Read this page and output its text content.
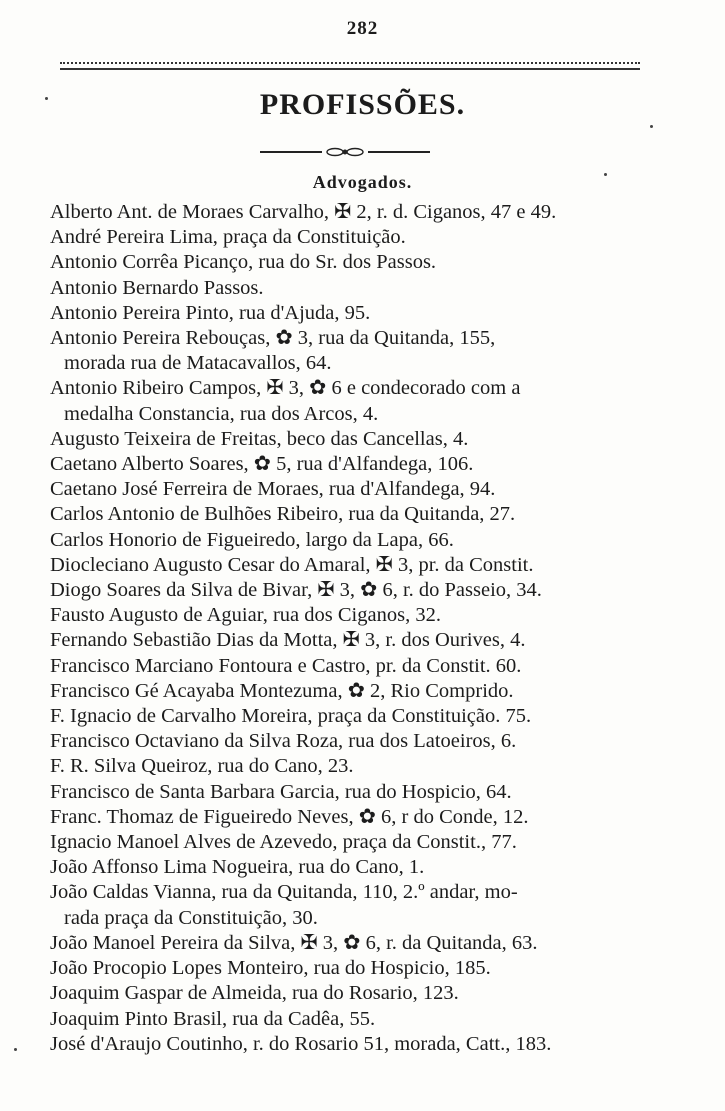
282
PROFISSÕES.
Advogados.
Alberto Ant. de Moraes Carvalho, ✠ 2, r. d. Ciganos, 47 e 49.
André Pereira Lima, praça da Constituição.
Antonio Corrêa Picanço, rua do Sr. dos Passos.
Antonio Bernardo Passos.
Antonio Pereira Pinto, rua d'Ajuda, 95.
Antonio Pereira Rebouças, ✿ 3, rua da Quitanda, 155,
morada rua de Matacavallos, 64.
Antonio Ribeiro Campos, ✠ 3, ✿ 6 e condecorado com a
medalha Constancia, rua dos Arcos, 4.
Augusto Teixeira de Freitas, beco das Cancellas, 4.
Caetano Alberto Soares, ✿ 5, rua d'Alfandega, 106.
Caetano José Ferreira de Moraes, rua d'Alfandega, 94.
Carlos Antonio de Bulhões Ribeiro, rua da Quitanda, 27.
Carlos Honorio de Figueiredo, largo da Lapa, 66.
Diocleciano Augusto Cesar do Amaral, ✠ 3, pr. da Constit.
Diogo Soares da Silva de Bivar, ✠ 3, ✿ 6, r. do Passeio, 34.
Fausto Augusto de Aguiar, rua dos Ciganos, 32.
Fernando Sebastião Dias da Motta, ✠ 3, r. dos Ourives, 4.
Francisco Marciano Fontoura e Castro, pr. da Constit. 60.
Francisco Gé Acayaba Montezuma, ✿ 2, Rio Comprido.
F. Ignacio de Carvalho Moreira, praça da Constituição. 75.
Francisco Octaviano da Silva Roza, rua dos Latoeiros, 6.
F. R. Silva Queiroz, rua do Cano, 23.
Francisco de Santa Barbara Garcia, rua do Hospicio, 64.
Franc. Thomaz de Figueiredo Neves, ✿ 6, r do Conde, 12.
Ignacio Manoel Alves de Azevedo, praça da Constit., 77.
João Affonso Lima Nogueira, rua do Cano, 1.
João Caldas Vianna, rua da Quitanda, 110, 2.º andar, mo-
rada praça da Constituição, 30.
João Manoel Pereira da Silva, ✠ 3, ✿ 6, r. da Quitanda, 63.
João Procopio Lopes Monteiro, rua do Hospicio, 185.
Joaquim Gaspar de Almeida, rua do Rosario, 123.
Joaquim Pinto Brasil, rua da Cadêa, 55.
José d'Araujo Coutinho, r. do Rosario 51, morada, Catt., 183.
